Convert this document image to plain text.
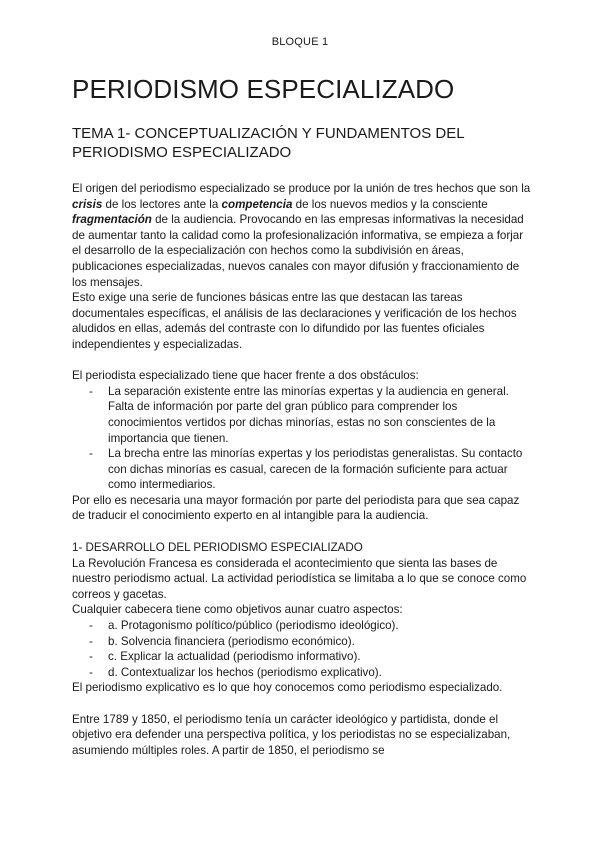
BLOQUE 1
PERIODISMO ESPECIALIZADO
TEMA 1- CONCEPTUALIZACIÓN Y FUNDAMENTOS DEL PERIODISMO ESPECIALIZADO

El origen del periodismo especializado se produce por la unión de tres hechos que son la crisis de los lectores ante la competencia de los nuevos medios y la consciente fragmentación de la audiencia. Provocando en las empresas informativas la necesidad de aumentar tanto la calidad como la profesionalización informativa, se empieza a forjar el desarrollo de la especialización con hechos como la subdivisión en áreas, publicaciones especializadas, nuevos canales con mayor difusión y fraccionamiento de los mensajes.

Esto exige una serie de funciones básicas entre las que destacan las tareas documentales específicas, el análisis de las declaraciones y verificación de los hechos aludidos en ellas, además del contraste con lo difundido por las fuentes oficiales independientes y especializadas.

El periodista especializado tiene que hacer frente a dos obstáculos:

- La separación existente entre las minorías expertas y la audiencia en general. Falta de información por parte del gran público para comprender los conocimientos vertidos por dichas minorías, estas no son conscientes de la importancia que tienen.
- La brecha entre las minorías expertas y los periodistas generalistas. Su contacto con dichas minorías es casual, carecen de la formación suficiente para actuar como intermediarios.

Por ello es necesaria una mayor formación por parte del periodista para que sea capaz de traducir el conocimiento experto en al intangible para la audiencia.

1- DESARROLLO DEL PERIODISMO ESPECIALIZADO

La Revolución Francesa es considerada el acontecimiento que sienta las bases de nuestro periodismo actual. La actividad periodística se limitaba a lo que se conoce como correos y gacetas.

Cualquier cabecera tiene como objetivos aunar cuatro aspectos:

- a. Protagonismo político/público (periodismo ideológico).
- b. Solvencia financiera (periodismo económico).
- c. Explicar la actualidad (periodismo informativo).
- d. Contextualizar los hechos (periodismo explicativo).

El periodismo explicativo es lo que hoy conocemos como periodismo especializado.

Entre 1789 y 1850, el periodismo tenía un carácter ideológico y partidista, donde el objetivo era defender una perspectiva política, y los periodistas no se especializaban, asumiendo múltiples roles. A partir de 1850, el periodismo se
